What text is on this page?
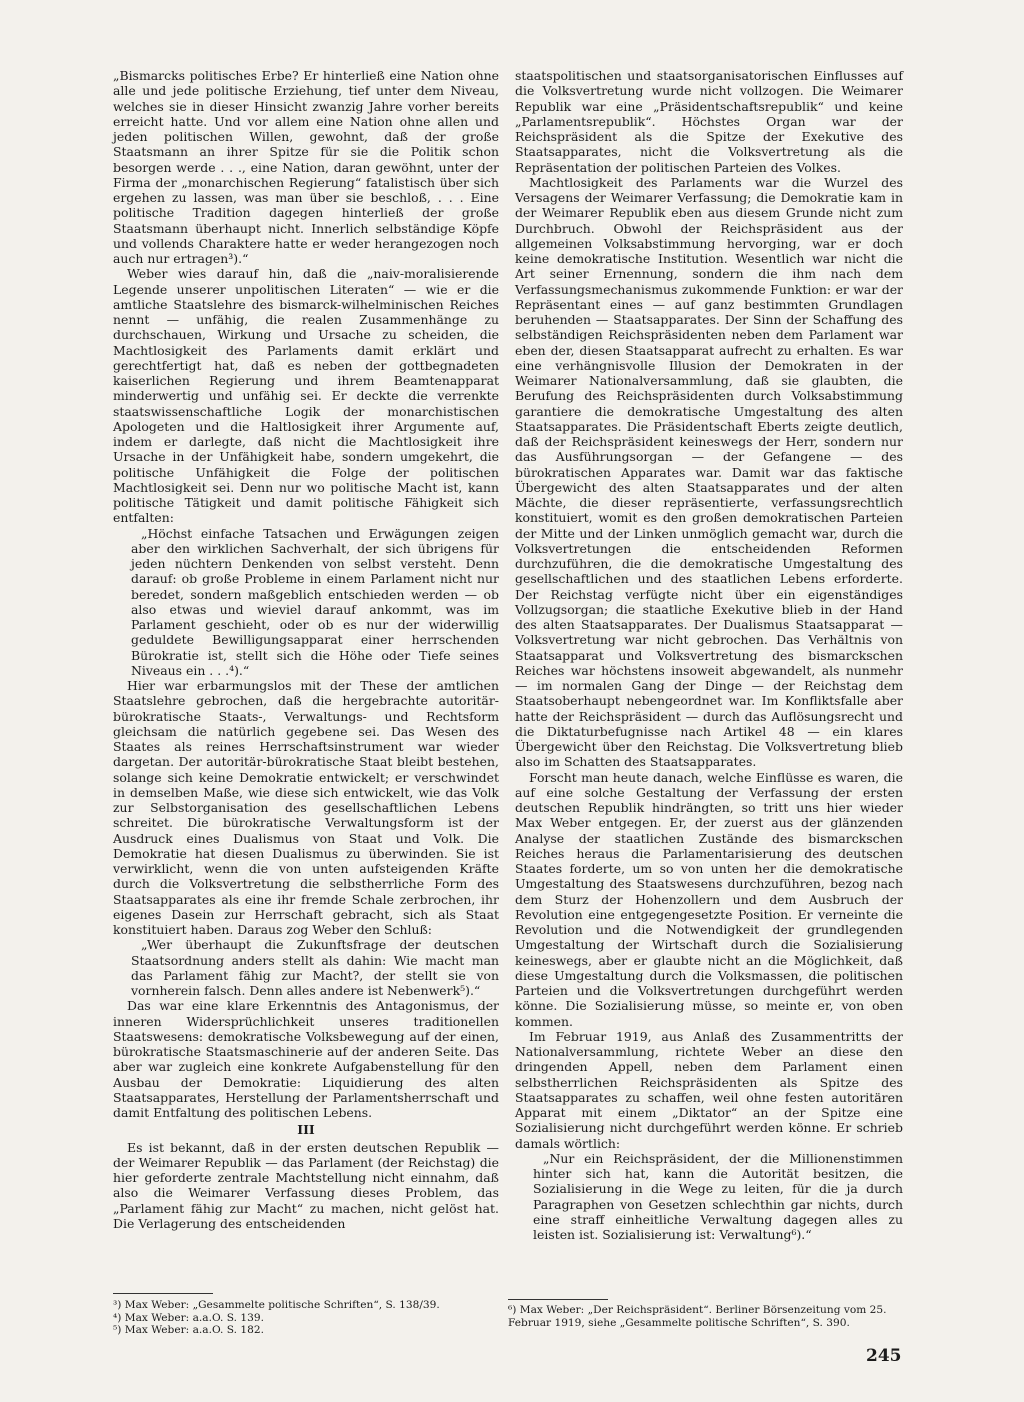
„Bismarcks politisches Erbe? Er hinterließ eine Nation ohne alle und jede politische Erziehung, tief unter dem Niveau, welches sie in dieser Hinsicht zwanzig Jahre vorher bereits erreicht hatte. Und vor allem eine Nation ohne allen und jeden politischen Willen, gewohnt, daß der große Staatsmann an ihrer Spitze für sie die Politik schon besorgen werde . . ., eine Nation, daran gewöhnt, unter der Firma der „monarchischen Regierung“ fatalistisch über sich ergehen zu lassen, was man über sie beschloß, . . . Eine politische Tradition dagegen hinterließ der große Staatsmann überhaupt nicht. Innerlich selbständige Köpfe und vollends Charaktere hatte er weder herangezogen noch auch nur ertragen³).“

Weber wies darauf hin, daß die „naiv-moralisierende Legende unserer unpolitischen Literaten“ — wie er die amtliche Staatslehre des bismarck-wilhelminischen Reiches nennt — unfähig, die realen Zusammenhänge zu durchschauen, Wirkung und Ursache zu scheiden, die Machtlosigkeit des Parlaments damit erklärt und gerechtfertigt hat, daß es neben der gottbegnadeten kaiserlichen Regierung und ihrem Beamtenapparat minderwertig und unfähig sei. Er deckte die verrenkte staatswissenschaftliche Logik der monarchistischen Apologeten und die Haltlosigkeit ihrer Argumente auf, indem er darlegte, daß nicht die Machtlosigkeit ihre Ursache in der Unfähigkeit habe, sondern umgekehrt, die politische Unfähigkeit die Folge der politischen Machtlosigkeit sei. Denn nur wo politische Macht ist, kann politische Tätigkeit und damit politische Fähigkeit sich entfalten:

„Höchst einfache Tatsachen und Erwägungen zeigen aber den wirklichen Sachverhalt, der sich übrigens für jeden nüchtern Denkenden von selbst versteht. Denn darauf: ob große Probleme in einem Parlament nicht nur beredet, sondern maßgeblich entschieden werden — ob also etwas und wieviel darauf ankommt, was im Parlament geschieht, oder ob es nur der widerwillig geduldete Bewilligungsapparat einer herrschenden Bürokratie ist, stellt sich die Höhe oder Tiefe seines Niveaus ein . . .⁴).“

Hier war erbarmungslos mit der These der amtlichen Staatslehre gebrochen, daß die hergebrachte autoritär-bürokratische Staats-, Verwaltungs- und Rechtsform gleichsam die natürlich gegebene sei. Das Wesen des Staates als reines Herrschaftsinstrument war wieder dargetan. Der autoritär-bürokratische Staat bleibt bestehen, solange sich keine Demokratie entwickelt; er verschwindet in demselben Maße, wie diese sich entwickelt, wie das Volk zur Selbstorganisation des gesellschaftlichen Lebens schreitet. Die bürokratische Verwaltungsform ist der Ausdruck eines Dualismus von Staat und Volk. Die Demokratie hat diesen Dualismus zu überwinden. Sie ist verwirklicht, wenn die von unten aufsteigenden Kräfte durch die Volksvertretung die selbstherrliche Form des Staatsapparates als eine ihr fremde Schale zerbrochen, ihr eigenes Dasein zur Herrschaft gebracht, sich als Staat konstituiert haben. Daraus zog Weber den Schluß:

„Wer überhaupt die Zukunftsfrage der deutschen Staatsordnung anders stellt als dahin: Wie macht man das Parlament fähig zur Macht?, der stellt sie von vornherein falsch. Denn alles andere ist Nebenwerk⁵).“

Das war eine klare Erkenntnis des Antagonismus, der inneren Widersprüchlichkeit unseres traditionellen Staatswesens: demokratische Volksbewegung auf der einen, bürokratische Staatsmaschinerie auf der anderen Seite. Das aber war zugleich eine konkrete Aufgabenstellung für den Ausbau der Demokratie: Liquidierung des alten Staatsapparates, Herstellung der Parlamentsherrschaft und damit Entfaltung des politischen Lebens.

III

Es ist bekannt, daß in der ersten deutschen Republik — der Weimarer Republik — das Parlament (der Reichstag) die hier geforderte zentrale Machtstellung nicht einnahm, daß also die Weimarer Verfassung dieses Problem, das „Parlament fähig zur Macht“ zu machen, nicht gelöst hat. Die Verlagerung des entscheidenden

staatspolitischen und staatsorganisatorischen Einflusses auf die Volksvertretung wurde nicht vollzogen. Die Weimarer Republik war eine „Präsidentschaftsrepublik“ und keine „Parlamentsrepublik“. Höchstes Organ war der Reichspräsident als die Spitze der Exekutive des Staatsapparates, nicht die Volksvertretung als die Repräsentation der politischen Parteien des Volkes.

Machtlosigkeit des Parlaments war die Wurzel des Versagens der Weimarer Verfassung; die Demokratie kam in der Weimarer Republik eben aus diesem Grunde nicht zum Durchbruch. Obwohl der Reichspräsident aus der allgemeinen Volksabstimmung hervorging, war er doch keine demokratische Institution. Wesentlich war nicht die Art seiner Ernennung, sondern die ihm nach dem Verfassungsmechanismus zukommende Funktion: er war der Repräsentant eines — auf ganz bestimmten Grundlagen beruhenden — Staatsapparates. Der Sinn der Schaffung des selbständigen Reichspräsidenten neben dem Parlament war eben der, diesen Staatsapparat aufrecht zu erhalten. Es war eine verhängnisvolle Illusion der Demokraten in der Weimarer Nationalversammlung, daß sie glaubten, die Berufung des Reichspräsidenten durch Volksabstimmung garantiere die demokratische Umgestaltung des alten Staatsapparates. Die Präsidentschaft Eberts zeigte deutlich, daß der Reichspräsident keineswegs der Herr, sondern nur das Ausführungsorgan — der Gefangene — des bürokratischen Apparates war. Damit war das faktische Übergewicht des alten Staatsapparates und der alten Mächte, die dieser repräsentierte, verfassungsrechtlich konstituiert, womit es den großen demokratischen Parteien der Mitte und der Linken unmöglich gemacht war, durch die Volksvertretungen die entscheidenden Reformen durchzuführen, die die demokratische Umgestaltung des gesellschaftlichen und des staatlichen Lebens erforderte. Der Reichstag verfügte nicht über ein eigenständiges Vollzugsorgan; die staatliche Exekutive blieb in der Hand des alten Staatsapparates. Der Dualismus Staatsapparat — Volksvertretung war nicht gebrochen. Das Verhältnis von Staatsapparat und Volksvertretung des bismarckschen Reiches war höchstens insoweit abgewandelt, als nunmehr — im normalen Gang der Dinge — der Reichstag dem Staatsoberhaupt nebengeordnet war. Im Konfliktsfalle aber hatte der Reichspräsident — durch das Auflösungsrecht und die Diktaturbefugnisse nach Artikel 48 — ein klares Übergewicht über den Reichstag. Die Volksvertretung blieb also im Schatten des Staatsapparates.

Forscht man heute danach, welche Einflüsse es waren, die auf eine solche Gestaltung der Verfassung der ersten deutschen Republik hindrängten, so tritt uns hier wieder Max Weber entgegen. Er, der zuerst aus der glänzenden Analyse der staatlichen Zustände des bismarckschen Reiches heraus die Parlamentarisierung des deutschen Staates forderte, um so von unten her die demokratische Umgestaltung des Staatswesens durchzuführen, bezog nach dem Sturz der Hohenzollern und dem Ausbruch der Revolution eine entgegengesetzte Position. Er verneinte die Revolution und die Notwendigkeit der grundlegenden Umgestaltung der Wirtschaft durch die Sozialisierung keineswegs, aber er glaubte nicht an die Möglichkeit, daß diese Umgestaltung durch die Volksmassen, die politischen Parteien und die Volksvertretungen durchgeführt werden könne. Die Sozialisierung müsse, so meinte er, von oben kommen.

Im Februar 1919, aus Anlaß des Zusammentritts der Nationalversammlung, richtete Weber an diese den dringenden Appell, neben dem Parlament einen selbstherrlichen Reichspräsidenten als Spitze des Staatsapparates zu schaffen, weil ohne festen autoritären Apparat mit einem „Diktator“ an der Spitze eine Sozialisierung nicht durchgeführt werden könne. Er schrieb damals wörtlich:

„Nur ein Reichspräsident, der die Millionenstimmen hinter sich hat, kann die Autorität besitzen, die Sozialisierung in die Wege zu leiten, für die ja durch Paragraphen von Gesetzen schlechthin gar nichts, durch eine straff einheitliche Verwaltung dagegen alles zu leisten ist. Sozialisierung ist: Verwaltung⁶).“

³) Max Weber: „Gesammelte politische Schriften“, S. 138/39.

⁴) Max Weber: a.a.O. S. 139.

⁵) Max Weber: a.a.O. S. 182.

⁶) Max Weber: „Der Reichspräsident“. Berliner Börsenzeitung vom 25. Februar 1919, siehe „Gesammelte politische Schriften“, S. 390.

245
